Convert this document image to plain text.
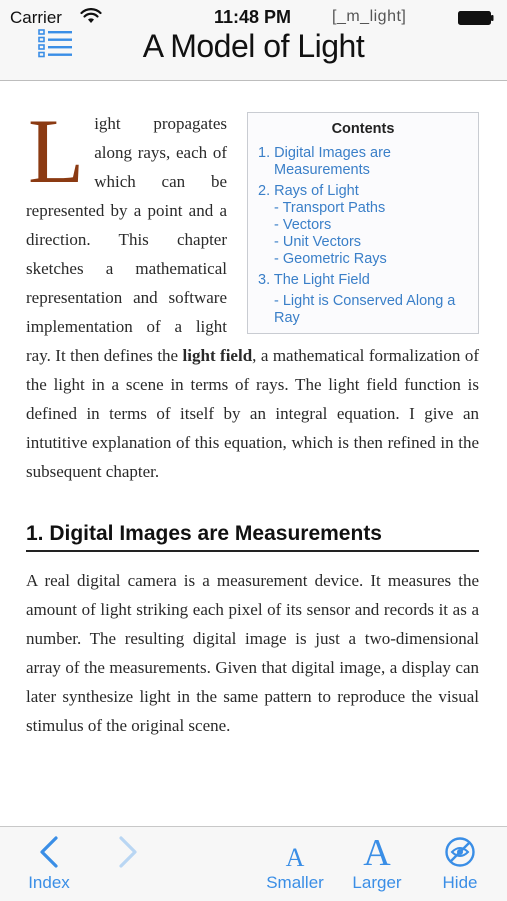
A Model of Light
Carrier	11:48 PM	[_m_light]
Contents
1. Digital Images are
Measurements
2. Rays of Light
- Transport Paths
- Vectors
- Unit Vectors
- Geometric Rays
3. The Light Field
- Light is Conserved Along a
Ray

Light propagates along rays, each of which can be represented by a point and a direction. This chapter sketches a mathematical representation and software implementation of a light ray. It then defines the light field, a mathematical formalization of the light in a scene in terms of rays. The light field function is defined in terms of itself by an integral equation. I give an intutitive explanation of this equation, which is then refined in the subsequent chapter.

1. Digital Images are Measurements

A real digital camera is a measurement device. It measures the amount of light striking each pixel of its sensor and records it as a number. The resulting digital image is just a two-dimensional array of the measurements. Given that digital image, a display can later synthesize light in the same pattern to reproduce the visual stimulus of the original scene.

Index
A
Smaller
A
Larger	Hide
